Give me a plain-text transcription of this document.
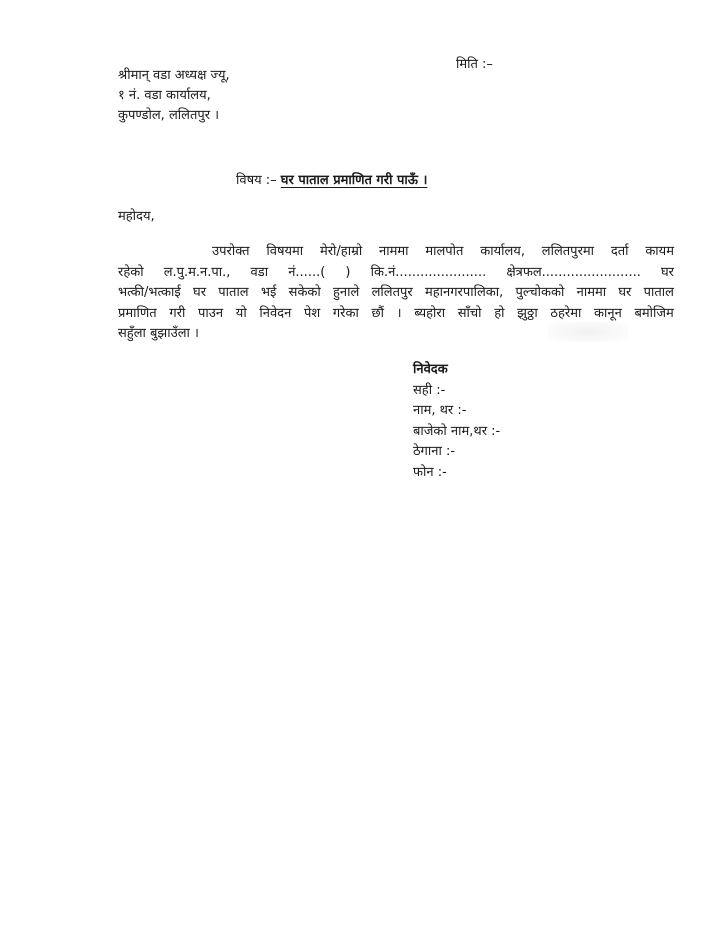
मिति :–
श्रीमान् वडा अध्यक्ष ज्यू,
१ नं. वडा कार्यालय,
कुपण्डोल, ललितपुर ।
विषय :– घर पाताल प्रमाणित गरी पाऊँ ।
महोदय,
उपरोक्त विषयमा मेरो/हाम्रो नाममा मालपोत कार्यालय, ललितपुरमा दर्ता कायम
रहेको ल.पु.म.न.पा., वडा नं......( ) कि.नं...................... क्षेत्रफल........................ घर
भत्की/भत्काई घर पाताल भई सकेको हुनाले ललितपुर महानगरपालिका, पुल्चोकको नाममा घर पाताल
प्रमाणित गरी पाउन यो निवेदन पेश गरेका छौं । ब्यहोरा साँचो हो झुठ्ठा ठहरेमा कानून बमोजिम
सहुँला बुझाउँला ।
निवेदक
सही :-
नाम, थर :-
बाजेको नाम,थर :-
ठेगाना :-
फोन :-
